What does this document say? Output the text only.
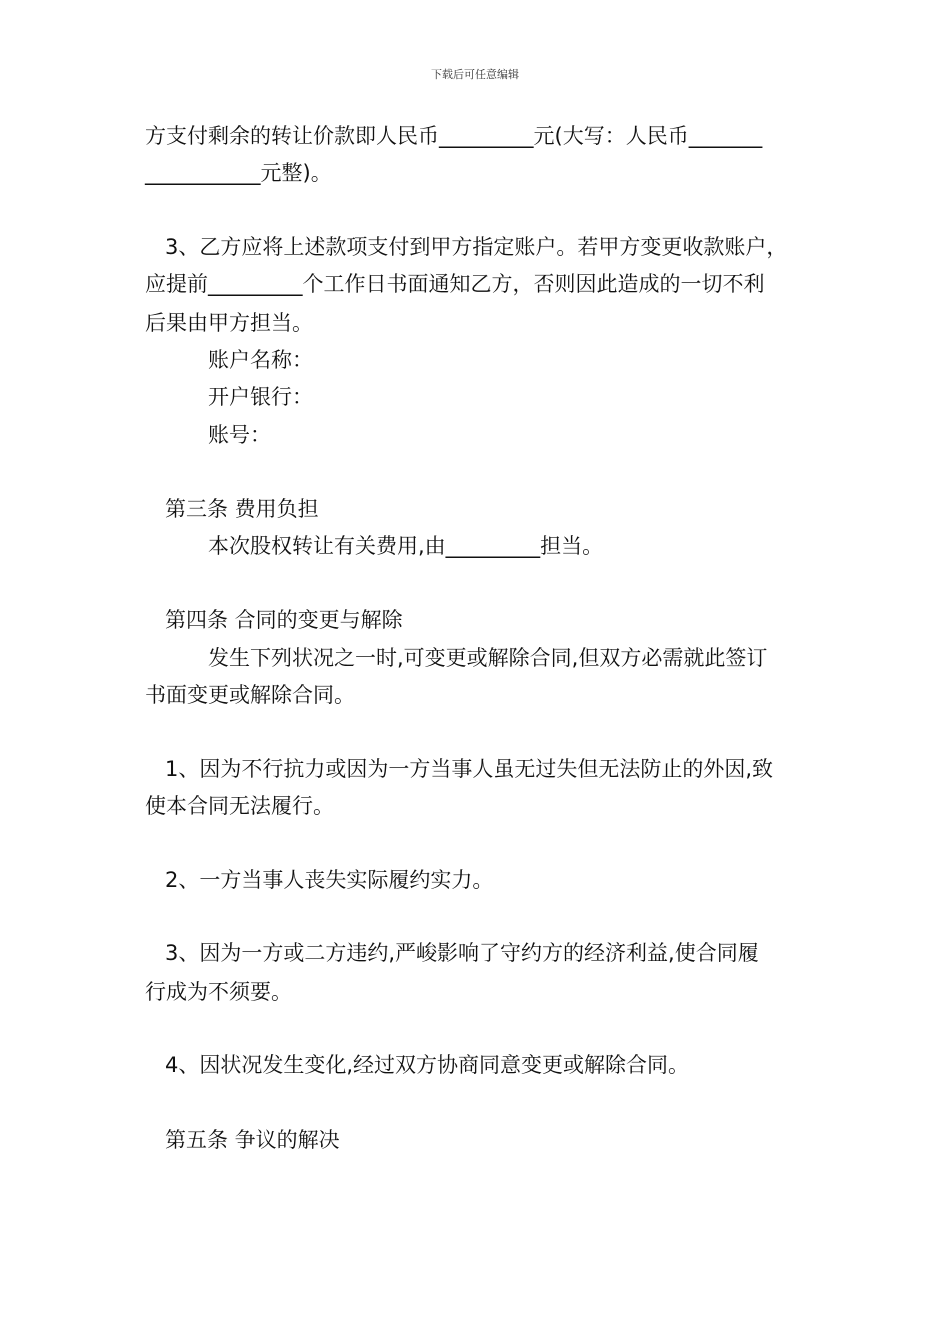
下载后可任意编辑
方支付剩余的转让价款即人民币_________元(大写：人民币_______
___________元整)。
3、乙方应将上述款项支付到甲方指定账户。若甲方变更收款账户，
应提前_________个工作日书面通知乙方，否则因此造成的一切不利
后果由甲方担当。
账户名称：
开户银行：
账号：
第三条 费用负担
本次股权转让有关费用,由_________担当。
第四条 合同的变更与解除
发生下列状况之一时,可变更或解除合同,但双方必需就此签订
书面变更或解除合同。
1、因为不行抗力或因为一方当事人虽无过失但无法防止的外因,致
使本合同无法履行。
2、一方当事人丧失实际履约实力。
3、因为一方或二方违约,严峻影响了守约方的经济利益,使合同履
行成为不须要。
4、因状况发生变化,经过双方协商同意变更或解除合同。
第五条 争议的解决
